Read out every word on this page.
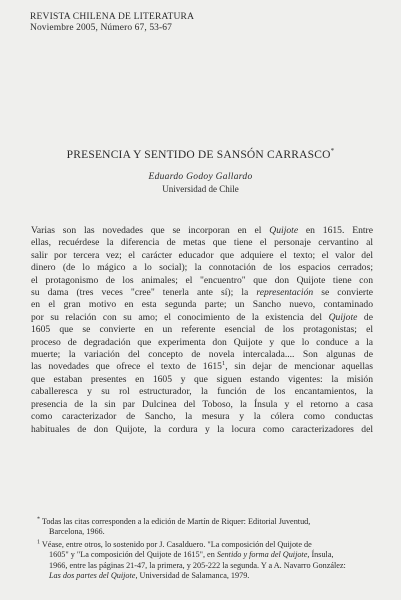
REVISTA CHILENA DE LITERATURA
Noviembre 2005, Número 67, 53-67
PRESENCIA Y SENTIDO DE SANSÓN CARRASCO*
Eduardo Godoy Gallardo
Universidad de Chile
Varias son las novedades que se incorporan en el Quijote en 1615. Entre
ellas, recuérdese la diferencia de metas que tiene el personaje cervantino al
salir por tercera vez; el carácter educador que adquiere el texto; el valor del
dinero (de lo mágico a lo social); la connotación de los espacios cerrados;
el protagonismo de los animales; el "encuentro" que don Quijote tiene con
su dama (tres veces "cree" tenerla ante sí); la representación se convierte
en el gran motivo en esta segunda parte; un Sancho nuevo, contaminado
por su relación con su amo; el conocimiento de la existencia del Quijote de
1605 que se convierte en un referente esencial de los protagonistas; el
proceso de degradación que experimenta don Quijote y que lo conduce a la
muerte; la variación del concepto de novela intercalada.... Son algunas de
las novedades que ofrece el texto de 1615$^1$, sin dejar de mencionar aquellas
que estaban presentes en 1605 y que siguen estando vigentes: la misión
caballeresca y su rol estructurador, la función de los encantamientos, la
presencia de la sin par Dulcinea del Toboso, la Ínsula y el retorno a casa
como caracterizador de Sancho, la mesura y la cólera como conductas
habituales de don Quijote, la cordura y la locura como caracterizadores del
* Todas las citas corresponden a la edición de Martín de Riquer: Editorial Juventud,
Barcelona, 1966.
$^1$ Véase, entre otros, lo sostenido por J. Casalduero. "La composición del Quijote de
1605" y "La composición del Quijote de 1615", en Sentido y forma del Quijote, Ínsula,
1966, entre las páginas 21-47, la primera, y 205-222 la segunda. Y a A. Navarro González:
Las dos partes del Quijote, Universidad de Salamanca, 1979.
